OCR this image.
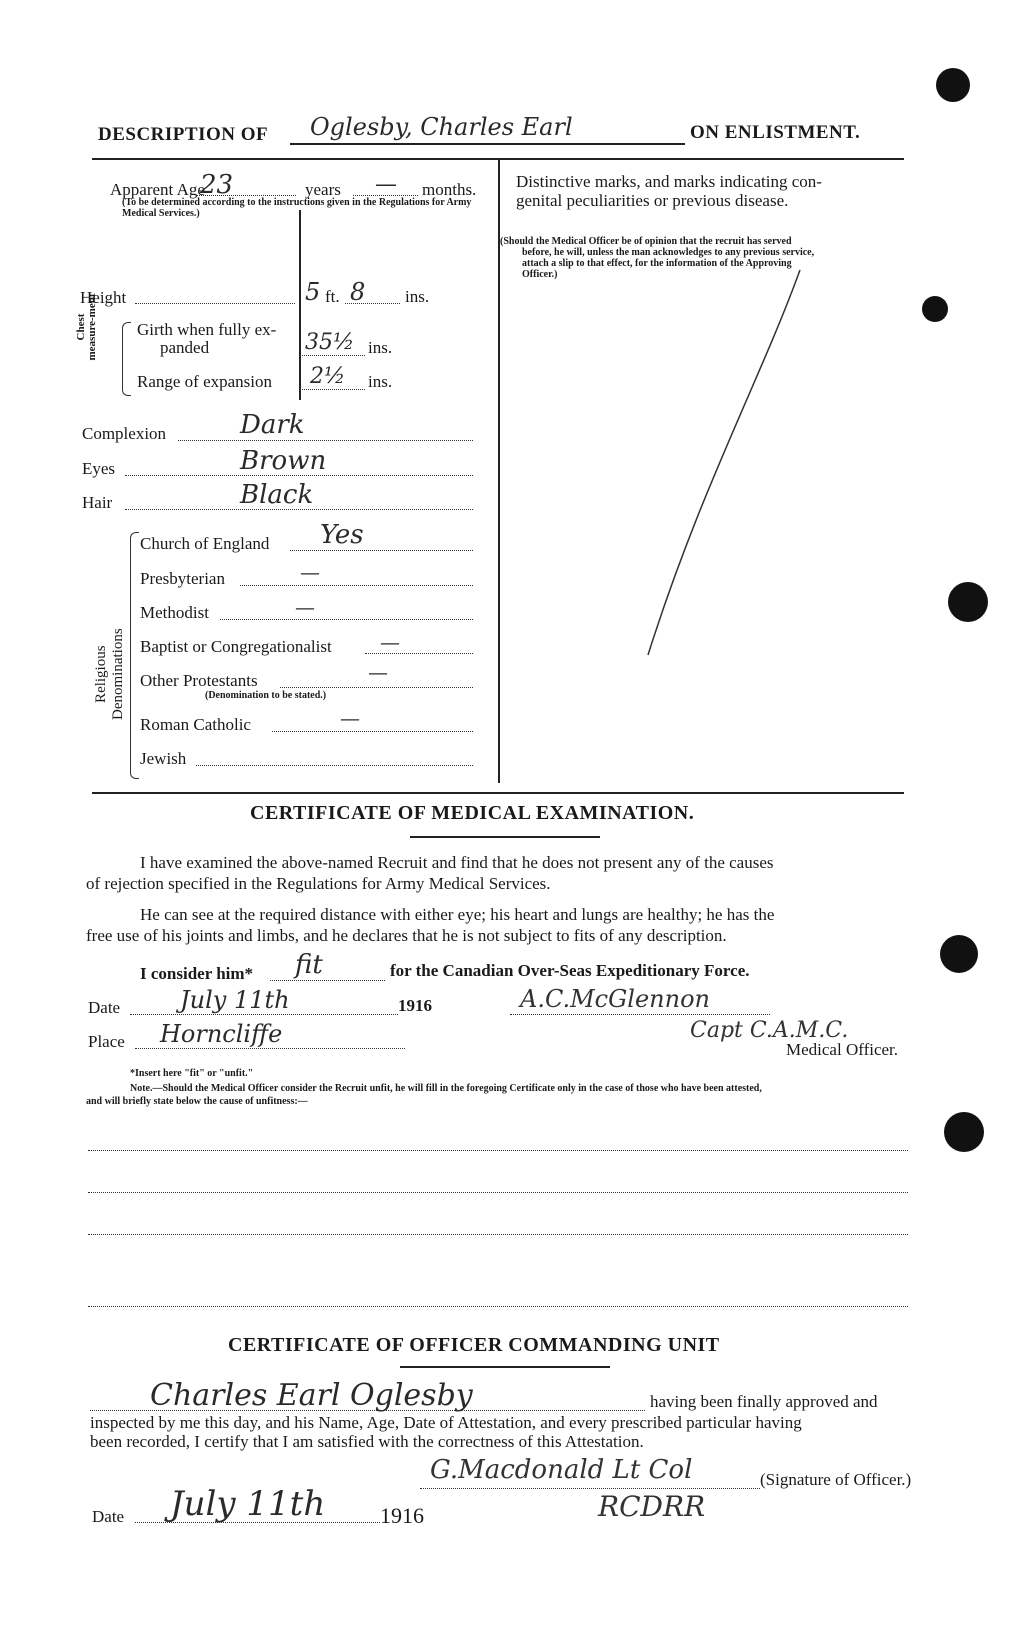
DESCRIPTION OF Oglesby, Charles Earl	ON ENLISTMENT.
Apparent Age
23	years — months.
(To be determined according to the instructions given in the Regulations for Army Medical Services.)
Height	5 ft. 8 ins.
Chest measure-ment Girth when fully ex-
panded	35½ ins.
Range of expansion 2½ ins.
Complexion	Dark
Eyes	Brown
Hair	Black
Religious Denominations
Church of England Yes
Presbyterian	—
Methodist	—
Baptist or Congregationalist —
Other Protestants	—
(Denomination to be stated.)
Roman Catholic	—
Jewish
Distinctive marks, and marks indicating con-
genital peculiarities or previous disease.
(Should the Medical Officer be of opinion that the recruit has served
before, he will, unless the man acknowledges to any previous service,
attach a slip to that effect, for the information of the Approving
Officer.)
CERTIFICATE OF MEDICAL EXAMINATION.
I have examined the above-named Recruit and find that he does not present any of the causes
of rejection specified in the Regulations for Army Medical Services.
He can see at the required distance with either eye; his heart and lungs are healthy; he has the
free use of his joints and limbs, and he declares that he is not subject to fits of any description.
I consider him* fit	for the Canadian Over-Seas Expeditionary Force.
Date July 11th	1916	A.C.McGlennon
Place Horncliffe	Capt C.A.M.C.
Medical Officer.
*Insert here "fit" or "unfit."
Note.—Should the Medical Officer consider the Recruit unfit, he will fill in the foregoing Certificate only in the case of those who have been attested,
and will briefly state below the cause of unfitness:—
CERTIFICATE OF OFFICER COMMANDING UNIT
Charles Earl Oglesby	having been finally approved and
inspected by me this day, and his Name, Age, Date of Attestation, and every prescribed particular having
been recorded, I certify that I am satisfied with the correctness of this Attestation.
G.Macdonald Lt Col	(Signature of Officer.)
Date July 11th 1916	RCDRR
